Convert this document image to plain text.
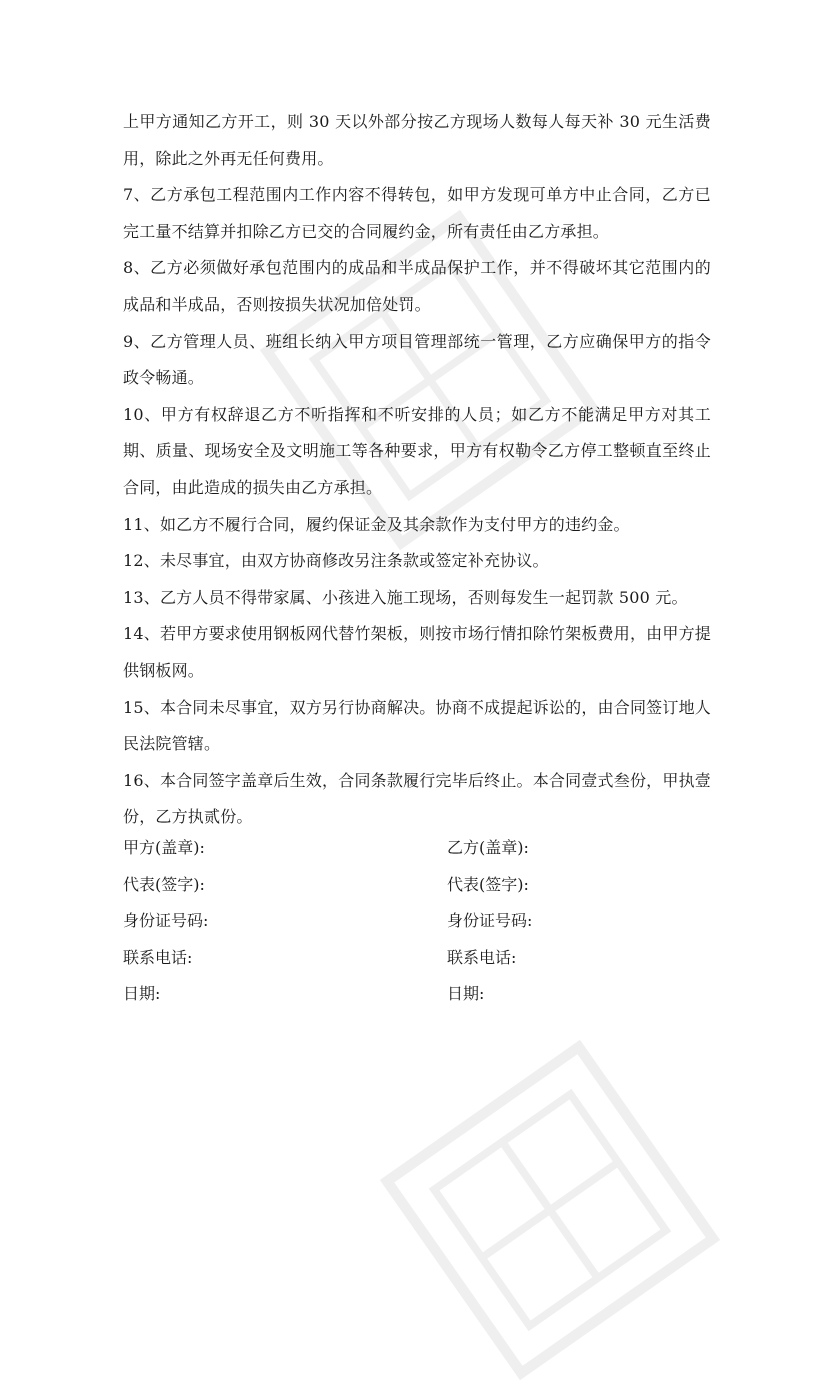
上甲方通知乙方开工，则 30 天以外部分按乙方现场人数每人每天补 30 元生活费用，除此之外再无任何费用。

7、乙方承包工程范围内工作内容不得转包，如甲方发现可单方中止合同，乙方已完工量不结算并扣除乙方已交的合同履约金，所有责任由乙方承担。

8、乙方必须做好承包范围内的成品和半成品保护工作，并不得破坏其它范围内的成品和半成品，否则按损失状况加倍处罚。

9、乙方管理人员、班组长纳入甲方项目管理部统一管理，乙方应确保甲方的指令政令畅通。

10、甲方有权辞退乙方不听指挥和不听安排的人员；如乙方不能满足甲方对其工期、质量、现场安全及文明施工等各种要求，甲方有权勒令乙方停工整顿直至终止合同，由此造成的损失由乙方承担。

11、如乙方不履行合同，履约保证金及其余款作为支付甲方的违约金。

12、未尽事宜，由双方协商修改另注条款或签定补充协议。

13、乙方人员不得带家属、小孩进入施工现场，否则每发生一起罚款 500 元。

14、若甲方要求使用钢板网代替竹架板，则按市场行情扣除竹架板费用，由甲方提供钢板网。

15、本合同未尽事宜，双方另行协商解决。协商不成提起诉讼的，由合同签订地人民法院管辖。

16、本合同签字盖章后生效，合同条款履行完毕后终止。本合同壹式叁份，甲执壹份，乙方执贰份。

甲方(盖章):	乙方(盖章):
代表(签字):	代表(签字):
身份证号码:	身份证号码:
联系电话:	联系电话:
日期:	日期:
